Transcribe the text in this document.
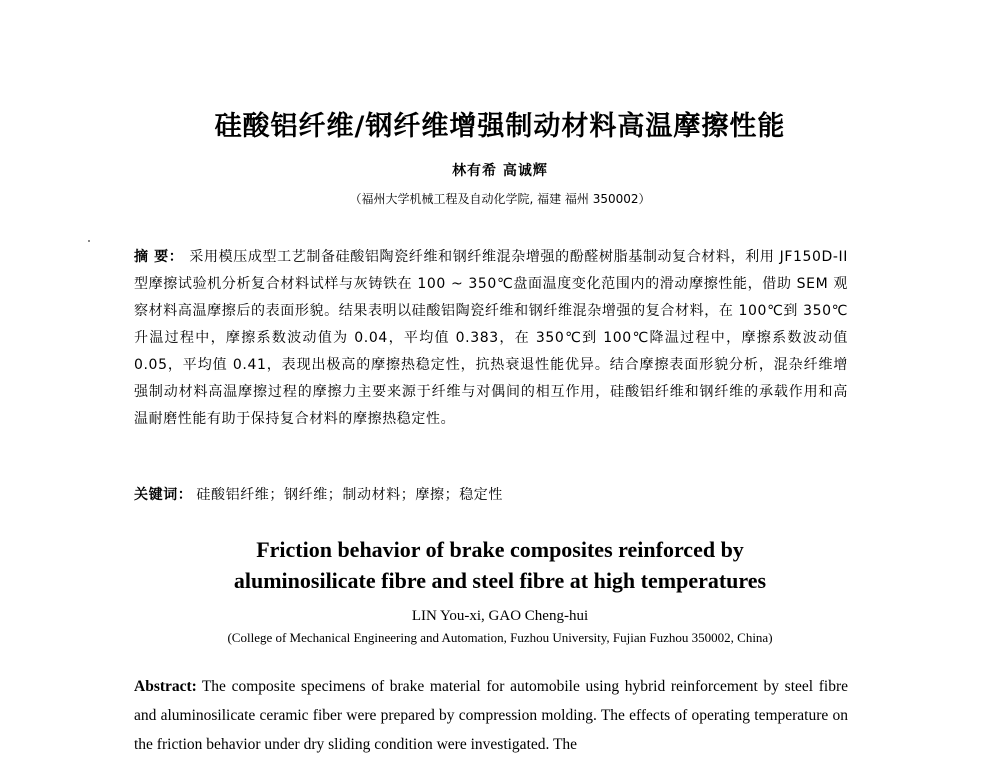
硅酸铝纤维/钢纤维增强制动材料高温摩擦性能
林有希 高诚辉
（福州大学机械工程及自动化学院, 福建 福州 350002）
摘 要： 采用模压成型工艺制备硅酸铝陶瓷纤维和钢纤维混杂增强的酚醛树脂基制动复合材料，利用 JF150D-II 型摩擦试验机分析复合材料试样与灰铸铁在 100 ~ 350℃盘面温度变化范围内的滑动摩擦性能，借助 SEM 观察材料高温摩擦后的表面形貌。结果表明以硅酸铝陶瓷纤维和钢纤维混杂增强的复合材料，在 100℃到 350℃升温过程中，摩擦系数波动值为 0.04，平均值 0.383，在 350℃到 100℃降温过程中，摩擦系数波动值 0.05，平均值 0.41，表现出极高的摩擦热稳定性，抗热衰退性能优异。结合摩擦表面形貌分析，混杂纤维增强制动材料高温摩擦过程的摩擦力主要来源于纤维与对偶间的相互作用，硅酸铝纤维和钢纤维的承载作用和高温耐磨性能有助于保持复合材料的摩擦热稳定性。
关键词： 硅酸铝纤维；钢纤维；制动材料；摩擦；稳定性
Friction behavior of brake composites reinforced by
aluminosilicate fibre and steel fibre at high temperatures
LIN You-xi, GAO Cheng-hui
(College of Mechanical Engineering and Automation, Fuzhou University, Fujian Fuzhou 350002, China)
Abstract: The composite specimens of brake material for automobile using hybrid reinforcement by steel fibre and aluminosilicate ceramic fiber were prepared by compression molding. The effects of operating temperature on the friction behavior under dry sliding condition were investigated. The
